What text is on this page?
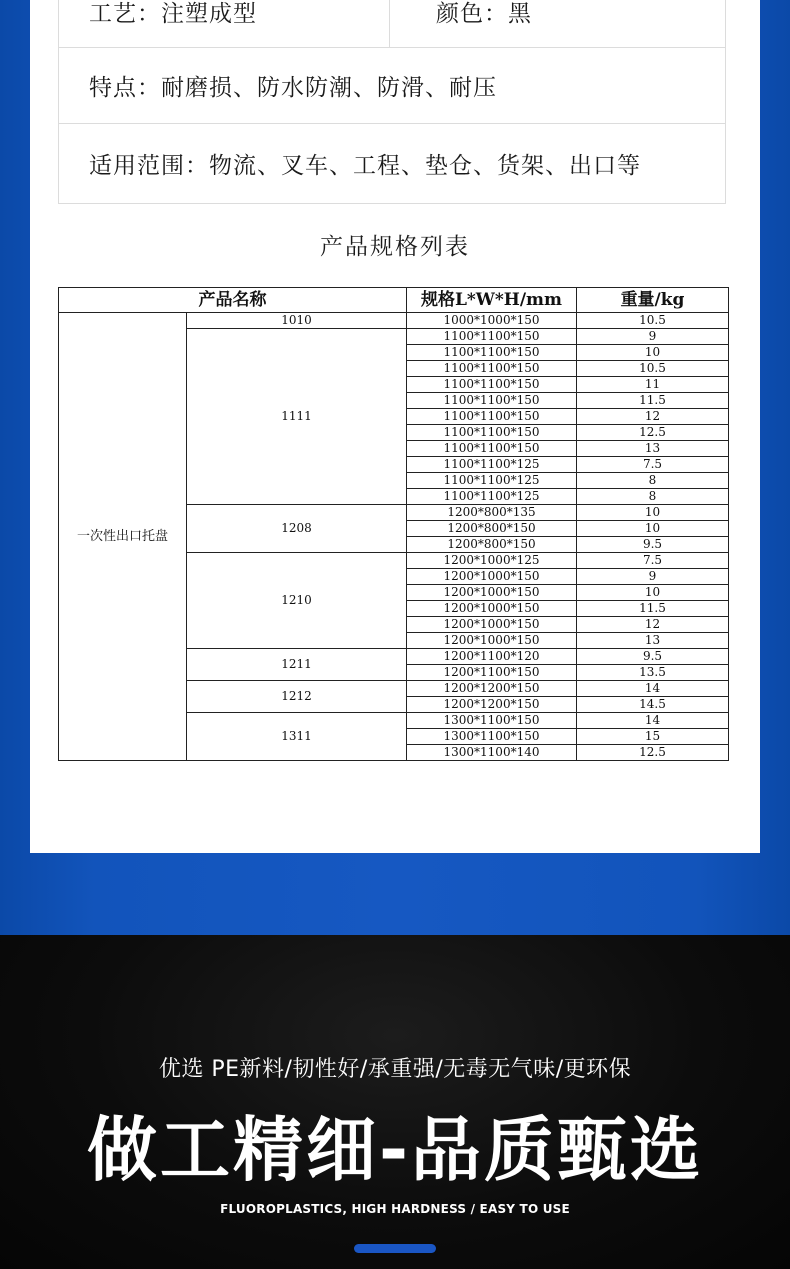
工艺：注塑成型	颜色：黑
特点：耐磨损、防水防潮、防滑、耐压
适用范围：物流、叉车、工程、垫仓、货架、出口等
产品规格列表
产品名称		规格L*W*H/mm	重量/kg
一次性出口托盘	1010	1000*1000*150	10.5
	1111	1100*1100*150	9
		1100*1100*150	10
		1100*1100*150	10.5
		1100*1100*150	11
		1100*1100*150	11.5
		1100*1100*150	12
		1100*1100*150	12.5
		1100*1100*150	13
		1100*1100*125	7.5
		1100*1100*125	8
		1100*1100*125	8
	1208	1200*800*135	10
		1200*800*150	10
		1200*800*150	9.5
	1210	1200*1000*125	7.5
		1200*1000*150	9
		1200*1000*150	10
		1200*1000*150	11.5
		1200*1000*150	12
		1200*1000*150	13
	1211	1200*1100*120	9.5
		1200*1100*150	13.5
	1212	1200*1200*150	14
		1200*1200*150	14.5
	1311	1300*1100*150	14
		1300*1100*150	15
		1300*1100*140	12.5
优选 PE新料/韧性好/承重强/无毒无气味/更环保
做工精细-品质甄选
FLUOROPLASTICS, HIGH HARDNESS / EASY TO USE
